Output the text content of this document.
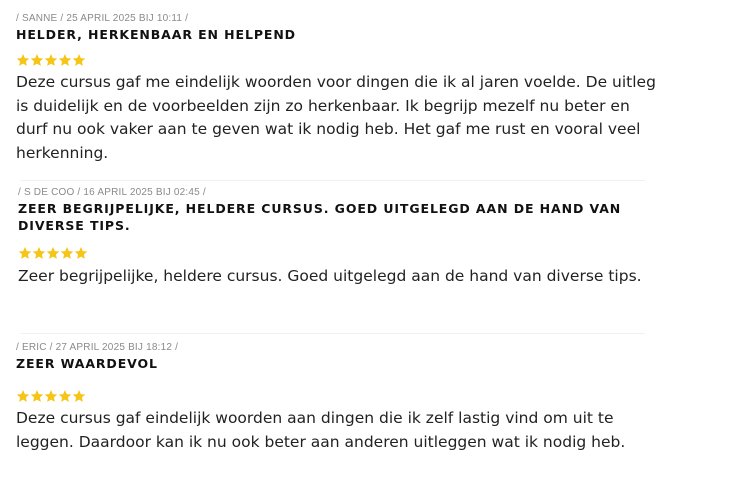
/ SANNE / 25 APRIL 2025 BIJ 10:11 /
HELDER, HERKENBAAR EN HELPEND
Deze cursus gaf me eindelijk woorden voor dingen die ik al jaren voelde. De uitleg is duidelijk en de voorbeelden zijn zo herkenbaar. Ik begrijp mezelf nu beter en durf nu ook vaker aan te geven wat ik nodig heb. Het gaf me rust en vooral veel herkenning.
/ S DE COO / 16 APRIL 2025 BIJ 02:45 /
ZEER BEGRIJPELIJKE, HELDERE CURSUS. GOED UITGELEGD AAN DE HAND VAN DIVERSE TIPS.
Zeer begrijpelijke, heldere cursus. Goed uitgelegd aan de hand van diverse tips.
/ ERIC / 27 APRIL 2025 BIJ 18:12 /
ZEER WAARDEVOL
Deze cursus gaf eindelijk woorden aan dingen die ik zelf lastig vind om uit te leggen. Daardoor kan ik nu ook beter aan anderen uitleggen wat ik nodig heb.
